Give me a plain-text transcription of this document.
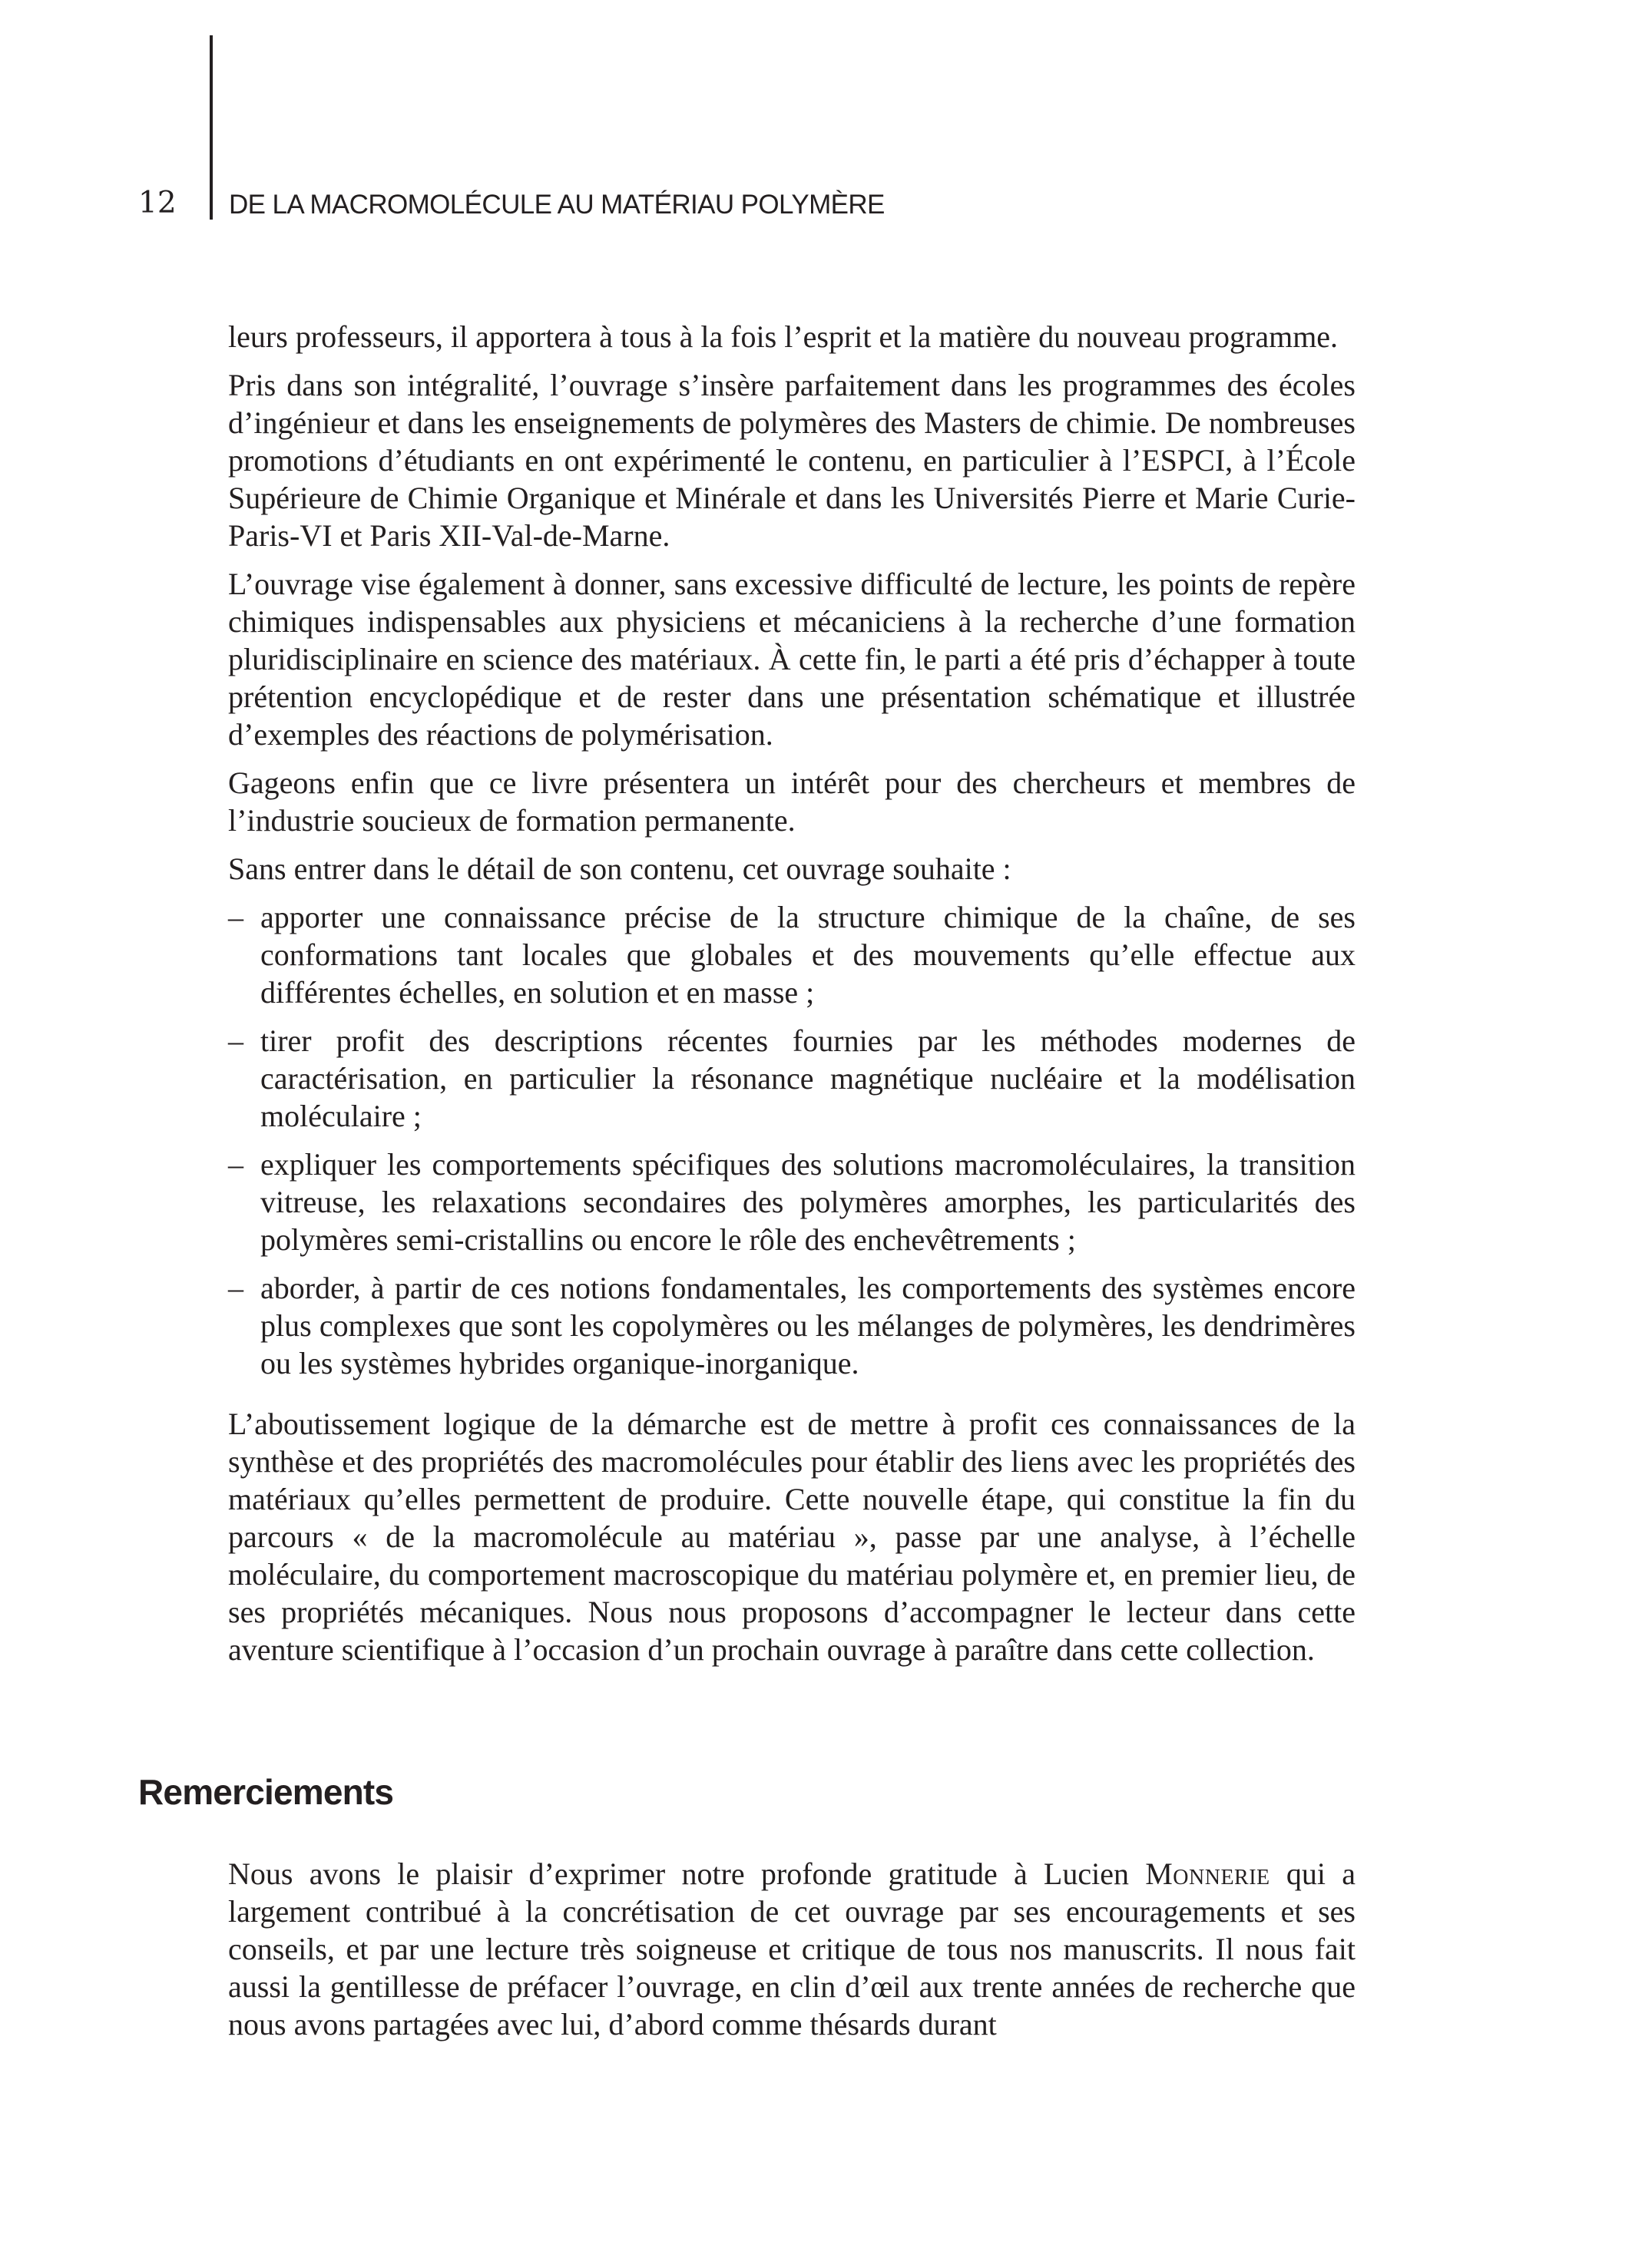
12 DE LA MACROMOLÉCULE AU MATÉRIAU POLYMÈRE

leurs professeurs, il apportera à tous à la fois l’esprit et la matière du nouveau programme.

Pris dans son intégralité, l’ouvrage s’insère parfaitement dans les programmes des écoles d’ingénieur et dans les enseignements de polymères des Masters de chimie. De nombreuses promotions d’étudiants en ont expérimenté le contenu, en particulier à l’ESPCI, à l’École Supérieure de Chimie Organique et Minérale et dans les Universités Pierre et Marie Curie-Paris-VI et Paris XII-Val-de-Marne.

L’ouvrage vise également à donner, sans excessive difficulté de lecture, les points de repère chimiques indispensables aux physiciens et mécaniciens à la recherche d’une formation pluridisciplinaire en science des matériaux. À cette fin, le parti a été pris d’échapper à toute prétention encyclopédique et de rester dans une présentation schématique et illustrée d’exemples des réactions de polymérisation.

Gageons enfin que ce livre présentera un intérêt pour des chercheurs et membres de l’industrie soucieux de formation permanente.

Sans entrer dans le détail de son contenu, cet ouvrage souhaite :

– apporter une connaissance précise de la structure chimique de la chaîne, de ses conformations tant locales que globales et des mouvements qu’elle effectue aux différentes échelles, en solution et en masse ;
– tirer profit des descriptions récentes fournies par les méthodes modernes de caractérisation, en particulier la résonance magnétique nucléaire et la modélisation moléculaire ;
– expliquer les comportements spécifiques des solutions macromoléculaires, la transition vitreuse, les relaxations secondaires des polymères amorphes, les particularités des polymères semi-cristallins ou encore le rôle des enchevêtrements ;
– aborder, à partir de ces notions fondamentales, les comportements des systèmes encore plus complexes que sont les copolymères ou les mélanges de polymères, les dendrimères ou les systèmes hybrides organique-inorganique.

L’aboutissement logique de la démarche est de mettre à profit ces connaissances de la synthèse et des propriétés des macromolécules pour établir des liens avec les propriétés des matériaux qu’elles permettent de produire. Cette nouvelle étape, qui constitue la fin du parcours « de la macromolécule au matériau », passe par une analyse, à l’échelle moléculaire, du comportement macroscopique du matériau polymère et, en premier lieu, de ses propriétés mécaniques. Nous nous proposons d’accompagner le lecteur dans cette aventure scientifique à l’occasion d’un prochain ouvrage à paraître dans cette collection.

Remerciements

Nous avons le plaisir d’exprimer notre profonde gratitude à Lucien Monnerie qui a largement contribué à la concrétisation de cet ouvrage par ses encouragements et ses conseils, et par une lecture très soigneuse et critique de tous nos manuscrits. Il nous fait aussi la gentillesse de préfacer l’ouvrage, en clin d’œil aux trente années de recherche que nous avons partagées avec lui, d’abord comme thésards durant
